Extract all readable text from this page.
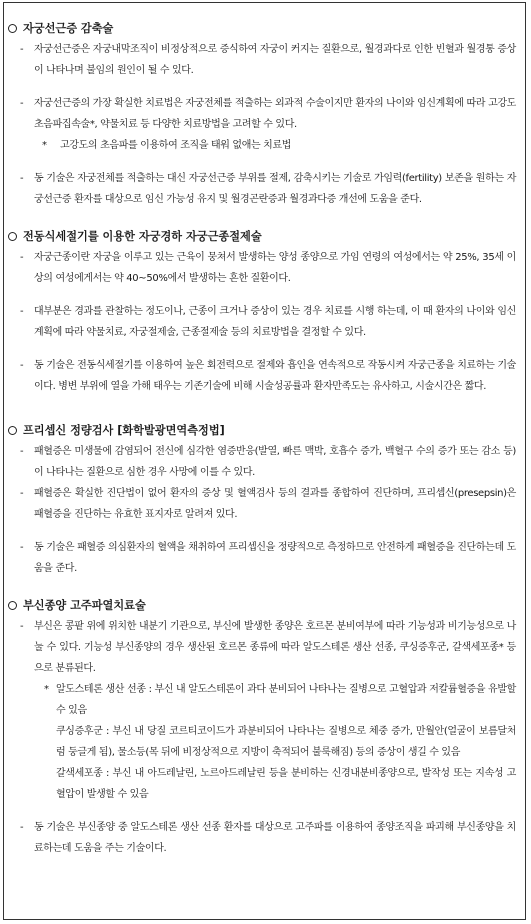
자궁선근증 감축술
- 자궁선근증은 자궁내막조직이 비정상적으로 증식하여 자궁이 커지는 질환으로, 월경과다로 인한 빈혈과 월경통 증상이 나타나며 불임의 원인이 될 수 있다.
- 자궁선근증의 가장 확실한 치료법은 자궁전체를 적출하는 외과적 수술이지만 환자의 나이와 임신계획에 따라 고강도초음파집속술*, 약물치료 등 다양한 치료방법을 고려할 수 있다.
* 고강도의 초음파를 이용하여 조직을 태워 없애는 치료법
- 동 기술은 자궁전체를 적출하는 대신 자궁선근증 부위를 절제, 감축시키는 기술로 가임력(fertility) 보존을 원하는 자궁선근증 환자를 대상으로 임신 가능성 유지 및 월경곤란증과 월경과다증 개선에 도움을 준다.
전동식세절기를 이용한 자궁경하 자궁근종절제술
- 자궁근종이란 자궁을 이루고 있는 근육이 뭉쳐서 발생하는 양성 종양으로 가임 연령의 여성에서는 약 25%, 35세 이상의 여성에게서는 약 40~50%에서 발생하는 흔한 질환이다.
- 대부분은 경과를 관찰하는 정도이나, 근종이 크거나 증상이 있는 경우 치료를 시행 하는데, 이 때 환자의 나이와 임신계획에 따라 약물치료, 자궁절제술, 근종절제술 등의 치료방법을 결정할 수 있다.
- 동 기술은 전동식세절기를 이용하여 높은 회전력으로 절제와 흡인을 연속적으로 작동시켜 자궁근종을 치료하는 기술이다. 병변 부위에 열을 가해 태우는 기존기술에 비해 시술성공률과 환자만족도는 유사하고, 시술시간은 짧다.
프리셉신 정량검사 [화학발광면역측정법]
- 패혈증은 미생물에 감염되어 전신에 심각한 염증반응(발열, 빠른 맥박, 호흡수 증가, 백혈구 수의 증가 또는 감소 등)이 나타나는 질환으로 심한 경우 사망에 이를 수 있다.
- 패혈증은 확실한 진단법이 없어 환자의 증상 및 혈액검사 등의 결과를 종합하여 진단하며, 프리셉신(presepsin)은 패혈증을 진단하는 유효한 표지자로 알려져 있다.
- 동 기술은 패혈증 의심환자의 혈액을 채취하여 프리셉신을 정량적으로 측정하므로 안전하게 패혈증을 진단하는데 도움을 준다.
부신종양 고주파열치료술
- 부신은 콩팥 위에 위치한 내분기 기관으로, 부신에 발생한 종양은 호르몬 분비여부에 따라 기능성과 비기능성으로 나눌 수 있다. 기능성 부신종양의 경우 생산된 호르몬 종류에 따라 알도스테론 생산 선종, 쿠싱증후군, 갈색세포종* 등으로 분류된다.
* 알도스테론 생산 선종 : 부신 내 알도스테론이 과다 분비되어 나타나는 질병으로 고혈압과 저칼륨혈증을 유발할 수 있음
쿠싱증후군 : 부신 내 당질 코르티코이드가 과분비되어 나타나는 질병으로 체중 증가, 만월안(얼굴이 보름달처럼 둥글게 됨), 물소등(목 뒤에 비정상적으로 지방이 축적되어 불룩해짐) 등의 증상이 생길 수 있음
갈색세포종 : 부신 내 아드레날린, 노르아드레날린 등을 분비하는 신경내분비종양으로, 발작성 또는 지속성 고혈압이 발생할 수 있음
- 동 기술은 부신종양 중 알도스테론 생산 선종 환자를 대상으로 고주파를 이용하여 종양조직을 파괴해 부신종양을 치료하는데 도움을 주는 기술이다.
